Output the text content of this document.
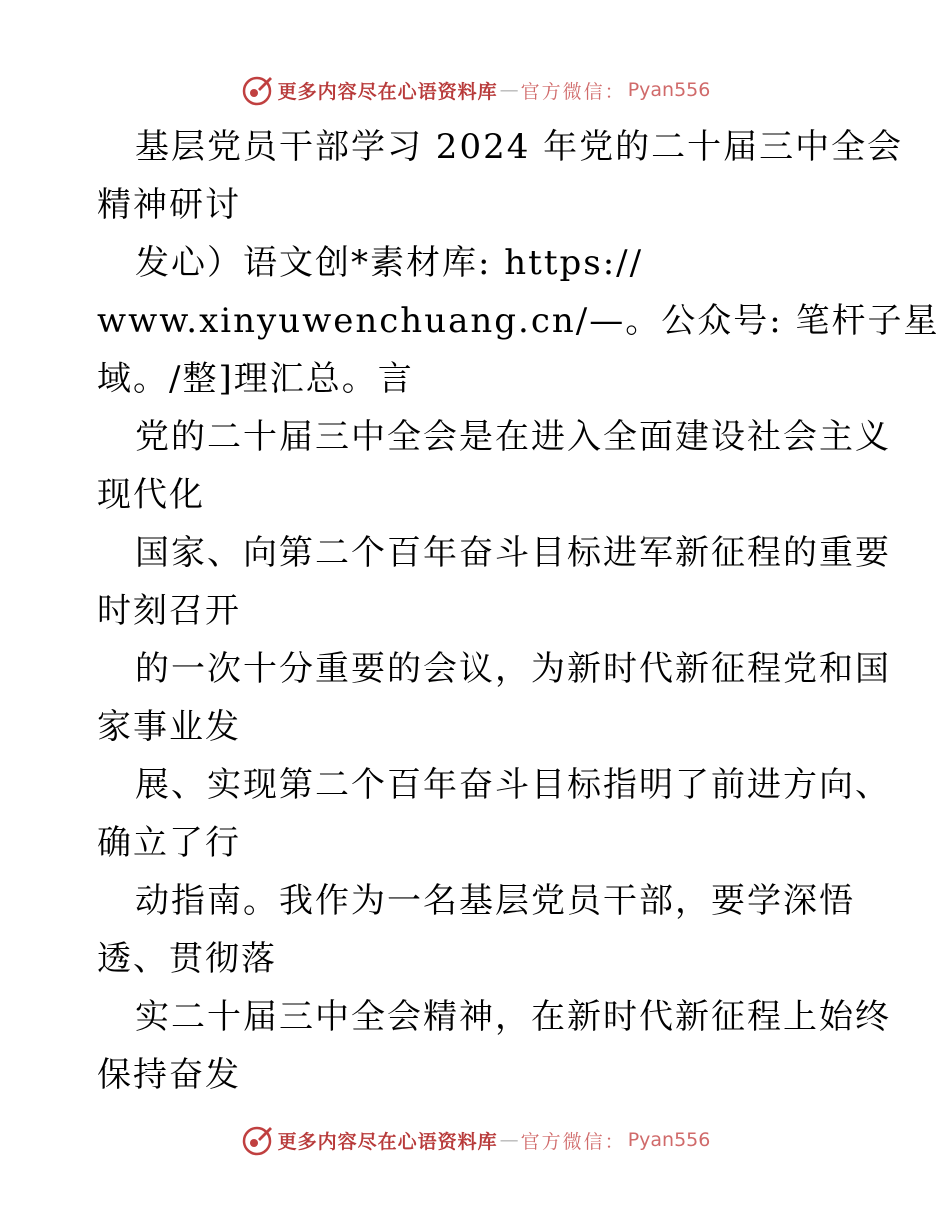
更多内容尽在心语资料库 — 官方微信： Pyan556
基层党员干部学习 2024 年党的二十届三中全会
精神研讨
发心）语文创*素材库: https://
www.xinyuwenchuang.cn/—。公众号: 笔杆子星
域。/整]理汇总。言
党的二十届三中全会是在进入全面建设社会主义
现代化
国家、向第二个百年奋斗目标进军新征程的重要
时刻召开
的一次十分重要的会议，为新时代新征程党和国
家事业发
展、实现第二个百年奋斗目标指明了前进方向、
确立了行
动指南。我作为一名基层党员干部，要学深悟
透、贯彻落
实二十届三中全会精神，在新时代新征程上始终
保持奋发
更多内容尽在心语资料库 — 官方微信： Pyan556
